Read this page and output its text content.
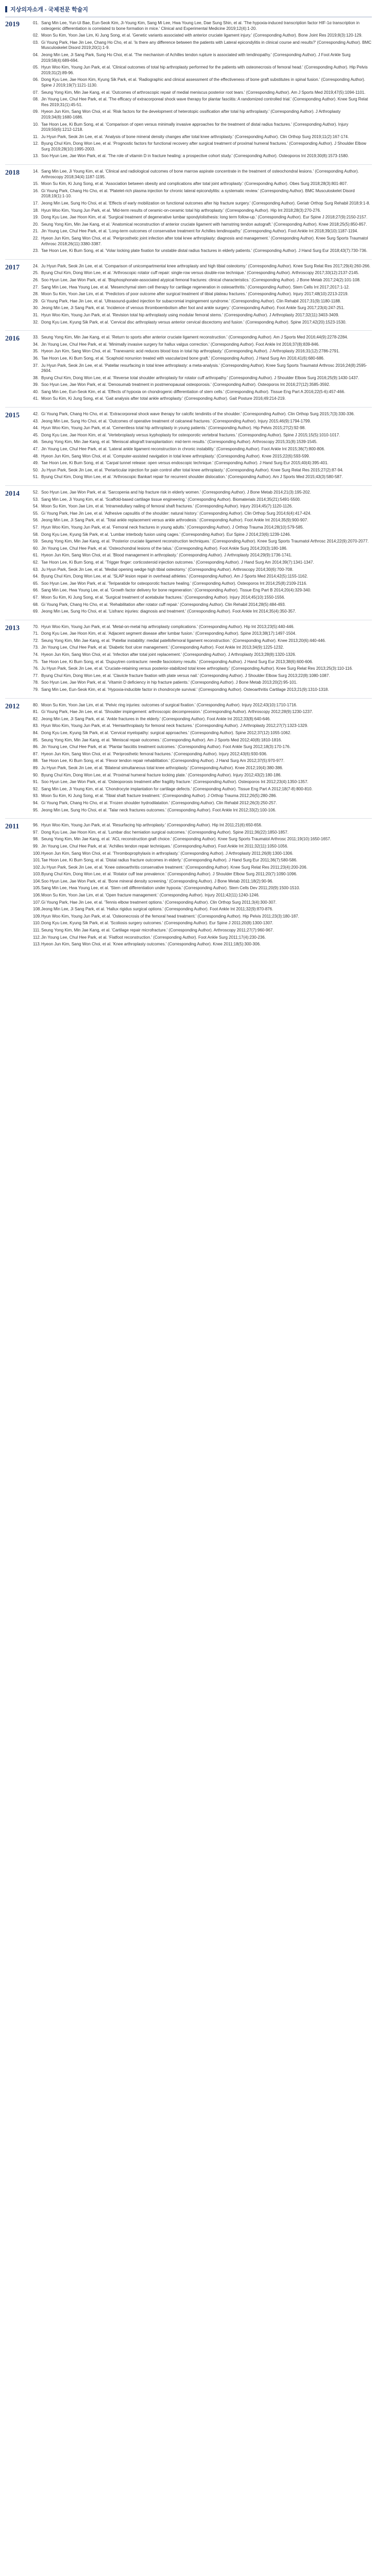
지상의자소개 - 국제전문 학술지
2019	01. Sang Min Lee, Yun-Ui Bae, Eun-Seok Kim, Ji-Young Kim, Sang Mi Lee, Hwa Young Lee, Dae Sung Shin, et al. 'The hypoxia-induced transcription factor HIF-1α transcription in osteogenic differentiation is correlated to bone formation in mice.' Clinical and Experimental Medicine 2019;12(4):1-20.
02. Moon Su Kim, Yoon Jae Lim, Ki Jung Song, et al. 'Genetic variants associated with anterior cruciate ligament injury.' (Corresponding Author). Bone Joint Res 2019;8(3):120-129.
03. Gi Young Park, Hae Jin Lee, Chang Ho Cho, et al. 'Is there any difference between the patients with Lateral epicondylitis in clinical course and results?' (Corresponding Author). BMC Musculoskelet Disord 2019;20(1):1-9.
04. Jeong Min Lee, Ji Sang Park, Sung Ho Choi, et al. 'The mechanism of Achilles tendon rupture is associated with tendinopathy.' (Corresponding Author). J Foot Ankle Surg 2019;58(4):689-694.
05. Hyun Woo Kim, Young Jun Park, et al. 'Clinical outcomes of total hip arthroplasty performed for the patients with osteonecrosis of femoral head.' (Corresponding Author). Hip Pelvis 2019;31(2):89-96.
06. Dong Kyu Lee, Jae Hoon Kim, Kyung Sik Park, et al. 'Radiographic and clinical assessment of the effectiveness of bone graft substitutes in spinal fusion.' (Corresponding Author). Spine J 2019;19(7):1121-1130.
07. Seung Yong Kim, Min Jae Kang, et al. 'Outcomes of arthroscopic repair of medial meniscus posterior root tears.' (Corresponding Author). Am J Sports Med 2019;47(5):1094-1101.
08. Jin Young Lee, Chul Hee Park, et al. 'The efficacy of extracorporeal shock wave therapy for plantar fasciitis: A randomized controlled trial.' (Corresponding Author). Knee Surg Relat Res 2019;31(1):45-51.
09. Hyeon Jun Kim, Sang Won Choi, et al. 'Risk factors for the development of heterotopic ossification after total hip arthroplasty.' (Corresponding Author). J Arthroplasty 2019;34(8):1680-1686.
10. Tae Hoon Lee, Ki Bum Song, et al. 'Comparison of open versus minimally invasive approaches for the treatment of distal radius fractures.' (Corresponding Author). Injury 2019;50(6):1212-1218.
11. Ju Hyun Park, Seok Jin Lee, et al. 'Analysis of bone mineral density changes after total knee arthroplasty.' (Corresponding Author). Clin Orthop Surg 2019;11(2):167-174.
12. Byung Chul Kim, Dong Won Lee, et al. 'Prognostic factors for functional recovery after surgical treatment of proximal humeral fractures.' (Corresponding Author). J Shoulder Elbow Surg 2019;28(10):1995-2003.
13. Soo Hyun Lee, Jae Won Park, et al. 'The role of vitamin D in fracture healing: a prospective cohort study.' (Corresponding Author). Osteoporos Int 2019;30(8):1573-1580.
2018	14. Sang Min Lee, Ji Young Kim, et al. 'Clinical and radiological outcomes of bone marrow aspirate concentrate in the treatment of osteochondral lesions.' (Corresponding Author). Arthroscopy 2018;34(4):1187-1195.
15. Moon Su Kim, Ki Jung Song, et al. 'Association between obesity and complications after total joint arthroplasty.' (Corresponding Author). Obes Surg 2018;28(3):801-807.
16. Gi Young Park, Chang Ho Cho, et al. 'Platelet-rich plasma injection for chronic lateral epicondylitis: a systematic review.' (Corresponding Author). BMC Musculoskelet Disord 2018;19(1):1-10.
17. Jeong Min Lee, Sung Ho Choi, et al. 'Effects of early mobilization on functional outcomes after hip fracture surgery.' (Corresponding Author). Geriatr Orthop Surg Rehabil 2018;9:1-8.
18. Hyun Woo Kim, Young Jun Park, et al. 'Mid-term results of ceramic-on-ceramic total hip arthroplasty.' (Corresponding Author). Hip Int 2018;28(3):270-276.
19. Dong Kyu Lee, Jae Hoon Kim, et al. 'Surgical treatment of degenerative lumbar spondylolisthesis: long term follow-up.' (Corresponding Author). Eur Spine J 2018;27(9):2150-2157.
20. Seung Yong Kim, Min Jae Kang, et al. 'Anatomical reconstruction of anterior cruciate ligament with hamstring tendon autograft.' (Corresponding Author). Knee 2018;25(5):850-857.
21. Jin Young Lee, Chul Hee Park, et al. 'Long-term outcomes of conservative treatment for Achilles tendinopathy.' (Corresponding Author). Foot Ankle Int 2018;39(10):1187-1194.
22. Hyeon Jun Kim, Sang Won Choi, et al. 'Periprosthetic joint infection after total knee arthroplasty: diagnosis and management.' (Corresponding Author). Knee Surg Sports Traumatol Arthrosc 2018;26(11):3380-3387.
23. Tae Hoon Lee, Ki Bum Song, et al. 'Volar locking plate fixation for unstable distal radius fractures in elderly patients.' (Corresponding Author). J Hand Surg Eur 2018;43(7):730-736.
2017	24. Ju Hyun Park, Seok Jin Lee, et al. 'Comparison of unicompartmental knee arthroplasty and high tibial osteotomy.' (Corresponding Author). Knee Surg Relat Res 2017;29(4):260-266.
25. Byung Chul Kim, Dong Won Lee, et al. 'Arthroscopic rotator cuff repair: single-row versus double-row technique.' (Corresponding Author). Arthroscopy 2017;33(12):2137-2145.
26. Soo Hyun Lee, Jae Won Park, et al. 'Bisphosphonate-associated atypical femoral fractures: clinical characteristics.' (Corresponding Author). J Bone Metab 2017;24(2):101-108.
27. Sang Min Lee, Hwa Young Lee, et al. 'Mesenchymal stem cell therapy for cartilage regeneration in osteoarthritis.' (Corresponding Author). Stem Cells Int 2017;2017:1-12.
28. Moon Su Kim, Yoon Jae Lim, et al. 'Predictors of poor outcome after surgical treatment of tibial plateau fractures.' (Corresponding Author). Injury 2017;48(10):2213-2219.
29. Gi Young Park, Hae Jin Lee, et al. 'Ultrasound-guided injection for subacromial impingement syndrome.' (Corresponding Author). Clin Rehabil 2017;31(9):1180-1188.
30. Jeong Min Lee, Ji Sang Park, et al. 'Incidence of venous thromboembolism after foot and ankle surgery.' (Corresponding Author). Foot Ankle Surg 2017;23(4):247-251.
31. Hyun Woo Kim, Young Jun Park, et al. 'Revision total hip arthroplasty using modular femoral stems.' (Corresponding Author). J Arthroplasty 2017;32(11):3403-3409.
32. Dong Kyu Lee, Kyung Sik Park, et al. 'Cervical disc arthroplasty versus anterior cervical discectomy and fusion.' (Corresponding Author). Spine 2017;42(20):1523-1530.
2016	33. Seung Yong Kim, Min Jae Kang, et al. 'Return to sports after anterior cruciate ligament reconstruction.' (Corresponding Author). Am J Sports Med 2016;44(9):2278-2284.
34. Jin Young Lee, Chul Hee Park, et al. 'Minimally invasive surgery for hallux valgus correction.' (Corresponding Author). Foot Ankle Int 2016;37(8):839-846.
35. Hyeon Jun Kim, Sang Won Choi, et al. 'Tranexamic acid reduces blood loss in total hip arthroplasty.' (Corresponding Author). J Arthroplasty 2016;31(12):2786-2791.
36. Tae Hoon Lee, Ki Bum Song, et al. 'Scaphoid nonunion treated with vascularized bone graft.' (Corresponding Author). J Hand Surg Am 2016;41(6):680-686.
37. Ju Hyun Park, Seok Jin Lee, et al. 'Patellar resurfacing in total knee arthroplasty: a meta-analysis.' (Corresponding Author). Knee Surg Sports Traumatol Arthrosc 2016;24(8):2595-2604.
38. Byung Chul Kim, Dong Won Lee, et al. 'Reverse total shoulder arthroplasty for rotator cuff arthropathy.' (Corresponding Author). J Shoulder Elbow Surg 2016;25(9):1430-1437.
39. Soo Hyun Lee, Jae Won Park, et al. 'Denosumab treatment in postmenopausal osteoporosis.' (Corresponding Author). Osteoporos Int 2016;27(12):3585-3592.
40. Sang Min Lee, Eun-Seok Kim, et al. 'Effects of hypoxia on chondrogenic differentiation of stem cells.' (Corresponding Author). Tissue Eng Part A 2016;22(5-6):457-466.
41. Moon Su Kim, Ki Jung Song, et al. 'Gait analysis after total ankle arthroplasty.' (Corresponding Author). Gait Posture 2016;49:214-219.
2015	42. Gi Young Park, Chang Ho Cho, et al. 'Extracorporeal shock wave therapy for calcific tendinitis of the shoulder.' (Corresponding Author). Clin Orthop Surg 2015;7(3):330-336.
43. Jeong Min Lee, Sung Ho Choi, et al. 'Outcomes of operative treatment of calcaneal fractures.' (Corresponding Author). Injury 2015;46(9):1794-1799.
44. Hyun Woo Kim, Young Jun Park, et al. 'Cementless total hip arthroplasty in young patients.' (Corresponding Author). Hip Pelvis 2015;27(2):92-98.
45. Dong Kyu Lee, Jae Hoon Kim, et al. 'Vertebroplasty versus kyphoplasty for osteoporotic vertebral fractures.' (Corresponding Author). Spine J 2015;15(5):1010-1017.
46. Seung Yong Kim, Min Jae Kang, et al. 'Meniscal allograft transplantation: mid-term results.' (Corresponding Author). Arthroscopy 2015;31(8):1539-1545.
47. Jin Young Lee, Chul Hee Park, et al. 'Lateral ankle ligament reconstruction in chronic instability.' (Corresponding Author). Foot Ankle Int 2015;36(7):800-806.
48. Hyeon Jun Kim, Sang Won Choi, et al. 'Computer-assisted navigation in total knee arthroplasty.' (Corresponding Author). Knee 2015;22(6):593-599.
49. Tae Hoon Lee, Ki Bum Song, et al. 'Carpal tunnel release: open versus endoscopic technique.' (Corresponding Author). J Hand Surg Eur 2015;40(4):395-401.
50. Ju Hyun Park, Seok Jin Lee, et al. 'Periarticular injection for pain control after total knee arthroplasty.' (Corresponding Author). Knee Surg Relat Res 2015;27(2):87-94.
51. Byung Chul Kim, Dong Won Lee, et al. 'Arthroscopic Bankart repair for recurrent shoulder dislocation.' (Corresponding Author). Am J Sports Med 2015;43(3):580-587.
2014	52. Soo Hyun Lee, Jae Won Park, et al. 'Sarcopenia and hip fracture risk in elderly women.' (Corresponding Author). J Bone Metab 2014;21(3):195-202.
53. Sang Min Lee, Ji Young Kim, et al. 'Scaffold-based cartilage tissue engineering.' (Corresponding Author). Biomaterials 2014;35(21):5491-5500.
54. Moon Su Kim, Yoon Jae Lim, et al. 'Intramedullary nailing of femoral shaft fractures.' (Corresponding Author). Injury 2014;45(7):1120-1126.
55. Gi Young Park, Hae Jin Lee, et al. 'Adhesive capsulitis of the shoulder: natural history.' (Corresponding Author). Clin Orthop Surg 2014;6(4):417-424.
56. Jeong Min Lee, Ji Sang Park, et al. 'Total ankle replacement versus ankle arthrodesis.' (Corresponding Author). Foot Ankle Int 2014;35(9):900-907.
57. Hyun Woo Kim, Young Jun Park, et al. 'Femoral neck fractures in young adults.' (Corresponding Author). J Orthop Trauma 2014;28(10):579-585.
58. Dong Kyu Lee, Kyung Sik Park, et al. 'Lumbar interbody fusion using cages.' (Corresponding Author). Eur Spine J 2014;23(6):1239-1246.
59. Seung Yong Kim, Min Jae Kang, et al. 'Posterior cruciate ligament reconstruction techniques.' (Corresponding Author). Knee Surg Sports Traumatol Arthrosc 2014;22(9):2070-2077.
60. Jin Young Lee, Chul Hee Park, et al. 'Osteochondral lesions of the talus.' (Corresponding Author). Foot Ankle Surg 2014;20(3):180-186.
61. Hyeon Jun Kim, Sang Won Choi, et al. 'Blood management in arthroplasty.' (Corresponding Author). J Arthroplasty 2014;29(9):1736-1741.
62. Tae Hoon Lee, Ki Bum Song, et al. 'Trigger finger: corticosteroid injection outcomes.' (Corresponding Author). J Hand Surg Am 2014;39(7):1341-1347.
63. Ju Hyun Park, Seok Jin Lee, et al. 'Medial opening wedge high tibial osteotomy.' (Corresponding Author). Arthroscopy 2014;30(6):700-708.
64. Byung Chul Kim, Dong Won Lee, et al. 'SLAP lesion repair in overhead athletes.' (Corresponding Author). Am J Sports Med 2014;42(5):1155-1162.
65. Soo Hyun Lee, Jae Won Park, et al. 'Teriparatide for osteoporotic fracture healing.' (Corresponding Author). Osteoporos Int 2014;25(8):2109-2116.
66. Sang Min Lee, Hwa Young Lee, et al. 'Growth factor delivery for bone regeneration.' (Corresponding Author). Tissue Eng Part B 2014;20(4):329-340.
67. Moon Su Kim, Ki Jung Song, et al. 'Surgical treatment of acetabular fractures.' (Corresponding Author). Injury 2014;45(10):1550-1556.
68. Gi Young Park, Chang Ho Cho, et al. 'Rehabilitation after rotator cuff repair.' (Corresponding Author). Clin Rehabil 2014;28(5):484-493.
69. Jeong Min Lee, Sung Ho Choi, et al. 'Lisfranc injuries: diagnosis and treatment.' (Corresponding Author). Foot Ankle Int 2014;35(4):350-357.
2013	70. Hyun Woo Kim, Young Jun Park, et al. 'Metal-on-metal hip arthroplasty complications.' (Corresponding Author). Hip Int 2013;23(5):440-446.
71. Dong Kyu Lee, Jae Hoon Kim, et al. 'Adjacent segment disease after lumbar fusion.' (Corresponding Author). Spine 2013;38(17):1497-1504.
72. Seung Yong Kim, Min Jae Kang, et al. 'Patellar instability: medial patellofemoral ligament reconstruction.' (Corresponding Author). Knee 2013;20(6):440-446.
73. Jin Young Lee, Chul Hee Park, et al. 'Diabetic foot ulcer management.' (Corresponding Author). Foot Ankle Int 2013;34(9):1225-1232.
74. Hyeon Jun Kim, Sang Won Choi, et al. 'Infection after total joint replacement.' (Corresponding Author). J Arthroplasty 2013;28(8):1320-1326.
75. Tae Hoon Lee, Ki Bum Song, et al. 'Dupuytren contracture: needle fasciotomy results.' (Corresponding Author). J Hand Surg Eur 2013;38(6):600-606.
76. Ju Hyun Park, Seok Jin Lee, et al. 'Cruciate-retaining versus posterior-stabilized total knee arthroplasty.' (Corresponding Author). Knee Surg Relat Res 2013;25(3):110-116.
77. Byung Chul Kim, Dong Won Lee, et al. 'Clavicle fracture fixation with plate versus nail.' (Corresponding Author). J Shoulder Elbow Surg 2013;22(8):1080-1087.
78. Soo Hyun Lee, Jae Won Park, et al. 'Vitamin D deficiency in hip fracture patients.' (Corresponding Author). J Bone Metab 2013;20(2):95-101.
79. Sang Min Lee, Eun-Seok Kim, et al. 'Hypoxia-inducible factor in chondrocyte survival.' (Corresponding Author). Osteoarthritis Cartilage 2013;21(9):1310-1318.
2012	80. Moon Su Kim, Yoon Jae Lim, et al. 'Pelvic ring injuries: outcomes of surgical fixation.' (Corresponding Author). Injury 2012;43(10):1710-1716.
81. Gi Young Park, Hae Jin Lee, et al. 'Shoulder impingement: arthroscopic decompression.' (Corresponding Author). Arthroscopy 2012;28(9):1230-1237.
82. Jeong Min Lee, Ji Sang Park, et al. 'Ankle fractures in the elderly.' (Corresponding Author). Foot Ankle Int 2012;33(8):640-646.
83. Hyun Woo Kim, Young Jun Park, et al. 'Hemiarthroplasty for femoral neck fractures.' (Corresponding Author). J Arthroplasty 2012;27(7):1323-1329.
84. Dong Kyu Lee, Kyung Sik Park, et al. 'Cervical myelopathy: surgical approaches.' (Corresponding Author). Spine 2012;37(12):1055-1062.
85. Seung Yong Kim, Min Jae Kang, et al. 'Meniscal repair outcomes.' (Corresponding Author). Am J Sports Med 2012;40(8):1810-1816.
86. Jin Young Lee, Chul Hee Park, et al. 'Plantar fasciitis treatment outcomes.' (Corresponding Author). Foot Ankle Surg 2012;18(3):170-176.
87. Hyeon Jun Kim, Sang Won Choi, et al. 'Periprosthetic femoral fractures.' (Corresponding Author). Injury 2012;43(6):930-936.
88. Tae Hoon Lee, Ki Bum Song, et al. 'Flexor tendon repair rehabilitation.' (Corresponding Author). J Hand Surg Am 2012;37(5):970-977.
89. Ju Hyun Park, Seok Jin Lee, et al. 'Bilateral simultaneous total knee arthroplasty.' (Corresponding Author). Knee 2012;19(4):380-386.
90. Byung Chul Kim, Dong Won Lee, et al. 'Proximal humeral fracture locking plate.' (Corresponding Author). Injury 2012;43(2):180-186.
91. Soo Hyun Lee, Jae Won Park, et al. 'Osteoporosis treatment after fragility fracture.' (Corresponding Author). Osteoporos Int 2012;23(4):1350-1357.
92. Sang Min Lee, Ji Young Kim, et al. 'Chondrocyte implantation for cartilage defects.' (Corresponding Author). Tissue Eng Part A 2012;18(7-8):800-810.
93. Moon Su Kim, Ki Jung Song, et al. 'Tibial shaft fracture treatment.' (Corresponding Author). J Orthop Trauma 2012;26(5):280-286.
94. Gi Young Park, Chang Ho Cho, et al. 'Frozen shoulder hydrodilatation.' (Corresponding Author). Clin Rehabil 2012;26(3):250-257.
95. Jeong Min Lee, Sung Ho Choi, et al. 'Talar neck fractures outcomes.' (Corresponding Author). Foot Ankle Int 2012;33(2):100-106.
2011	96. Hyun Woo Kim, Young Jun Park, et al. 'Resurfacing hip arthroplasty.' (Corresponding Author). Hip Int 2011;21(6):650-656.
97. Dong Kyu Lee, Jae Hoon Kim, et al. 'Lumbar disc herniation surgical outcomes.' (Corresponding Author). Spine 2011;36(22):1850-1857.
98. Seung Yong Kim, Min Jae Kang, et al. 'ACL reconstruction graft choice.' (Corresponding Author). Knee Surg Sports Traumatol Arthrosc 2011;19(10):1650-1657.
99. Jin Young Lee, Chul Hee Park, et al. 'Achilles tendon repair techniques.' (Corresponding Author). Foot Ankle Int 2011;32(11):1050-1056.
100. Hyeon Jun Kim, Sang Won Choi, et al. 'Thromboprophylaxis in arthroplasty.' (Corresponding Author). J Arthroplasty 2011;26(8):1300-1306.
101. Tae Hoon Lee, Ki Bum Song, et al. 'Distal radius fracture outcomes in elderly.' (Corresponding Author). J Hand Surg Eur 2011;36(7):580-586.
102. Ju Hyun Park, Seok Jin Lee, et al. 'Knee osteoarthritis conservative treatment.' (Corresponding Author). Knee Surg Relat Res 2011;23(4):200-206.
103. Byung Chul Kim, Dong Won Lee, et al. 'Rotator cuff tear prevalence.' (Corresponding Author). J Shoulder Elbow Surg 2011;20(7):1090-1096.
104. Soo Hyun Lee, Jae Won Park, et al. 'Bone mineral density screening.' (Corresponding Author). J Bone Metab 2011;18(2):90-96.
105. Sang Min Lee, Hwa Young Lee, et al. 'Stem cell differentiation under hypoxia.' (Corresponding Author). Stem Cells Dev 2011;20(9):1500-1510.
106. Moon Su Kim, Yoon Jae Lim, et al. 'Open fracture management.' (Corresponding Author). Injury 2011;42(11):1240-1246.
107. Gi Young Park, Hae Jin Lee, et al. 'Tennis elbow treatment options.' (Corresponding Author). Clin Orthop Surg 2011;3(4):300-307.
108. Jeong Min Lee, Ji Sang Park, et al. 'Hallux rigidus surgical options.' (Corresponding Author). Foot Ankle Int 2011;32(9):870-876.
109. Hyun Woo Kim, Young Jun Park, et al. 'Osteonecrosis of the femoral head treatment.' (Corresponding Author). Hip Pelvis 2011;23(3):180-187.
110. Dong Kyu Lee, Kyung Sik Park, et al. 'Scoliosis surgery outcomes.' (Corresponding Author). Eur Spine J 2011;20(8):1300-1307.
111. Seung Yong Kim, Min Jae Kang, et al. 'Cartilage repair microfracture.' (Corresponding Author). Arthroscopy 2011;27(7):960-967.
112. Jin Young Lee, Chul Hee Park, et al. 'Flatfoot reconstruction.' (Corresponding Author). Foot Ankle Surg 2011;17(4):230-236.
113. Hyeon Jun Kim, Sang Won Choi, et al. 'Knee arthroplasty outcomes.' (Corresponding Author). Knee 2011;18(5):300-306.
